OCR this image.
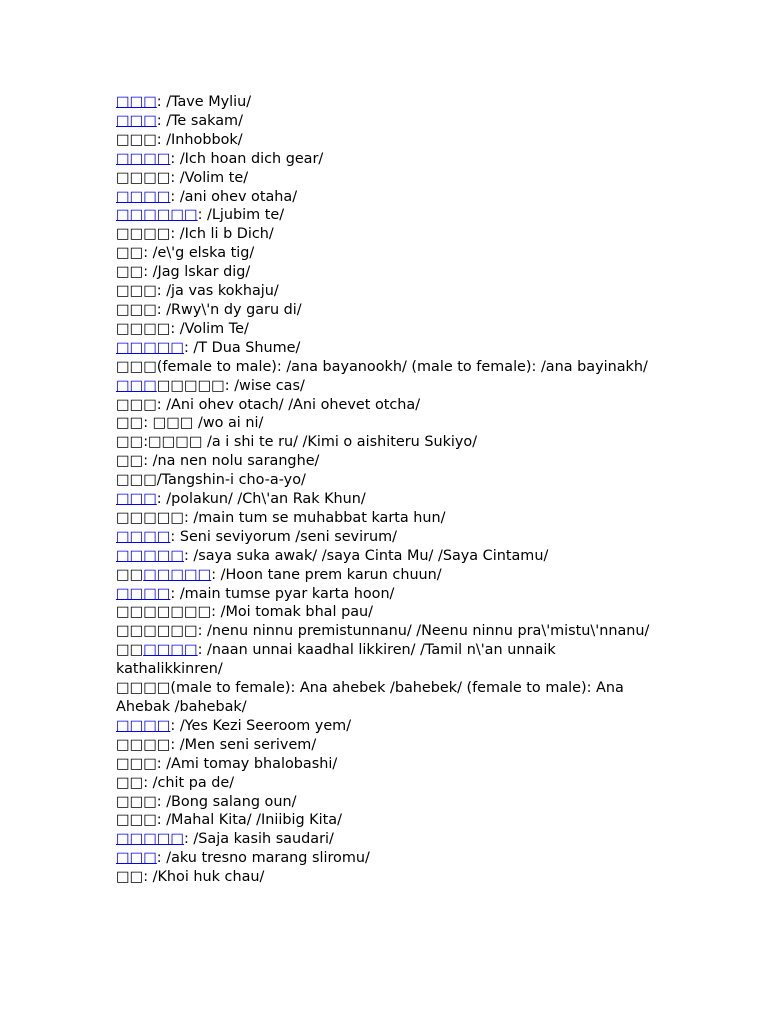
□□□: /Tave Myliu/
□□□: /Te sakam/
□□□: /Inhobbok/
□□□□: /Ich hoan dich gear/
□□□□: /Volim te/
□□□□: /ani ohev otaha/
□□□□□□: /Ljubim te/
□□□□: /Ich li b Dich/
□□: /e\'g elska tig/
□□: /Jag lskar dig/
□□□: /ja vas kokhaju/
□□□: /Rwy\'n dy garu di/
□□□□: /Volim Te/
□□□□□: /T Dua Shume/
□□□(female to male): /ana bayanookh/ (male to female): /ana bayinakh/
□□□□□□□□: /wise cas/
□□□: /Ani ohev otach/ /Ani ohevet otcha/
□□: □□□ /wo ai ni/
□□:□□□□ /a i shi te ru/ /Kimi o aishiteru Sukiyo/
□□: /na nen nolu saranghe/
□□□/Tangshin-i cho-a-yo/
□□□: /polakun/ /Ch\'an Rak Khun/
□□□□□: /main tum se muhabbat karta hun/
□□□□: Seni seviyorum /seni sevirum/
□□□□□: /saya suka awak/ /saya Cinta Mu/ /Saya Cintamu/
□□□□□□□: /Hoon tane prem karun chuun/
□□□□: /main tumse pyar karta hoon/
□□□□□□□: /Moi tomak bhal pau/
□□□□□□: /nenu ninnu premistunnanu/ /Neenu ninnu pra\'mistu\'nnanu/
□□□□□□: /naan unnai kaadhal likkiren/ /Tamil n\'an unnaik kathalikkinren/
□□□□(male to female): Ana ahebek /bahebek/ (female to male): Ana Ahebak /bahebak/
□□□□: /Yes Kezi Seeroom yem/
□□□□: /Men seni serivem/
□□□: /Ami tomay bhalobashi/
□□: /chit pa de/
□□□: /Bong salang oun/
□□□: /Mahal Kita/ /Iniibig Kita/
□□□□□: /Saja kasih saudari/
□□□: /aku tresno marang sliromu/
□□: /Khoi huk chau/
